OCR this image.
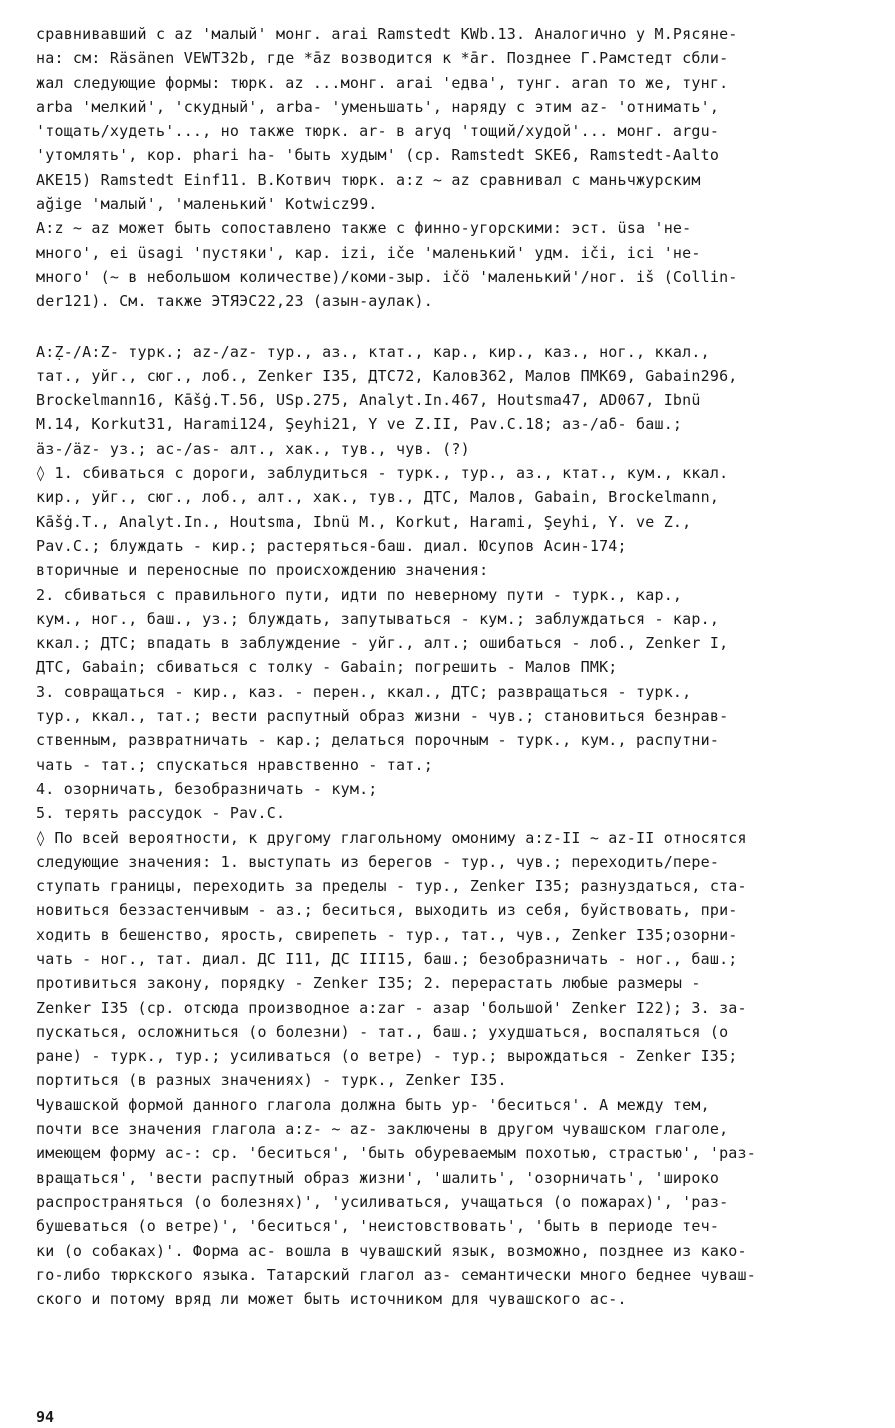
сравнивавший с az 'малый' монг. arai Ramstedt KWb.13. Аналогично у М.Рясяне-
на: см: Räsänen VEWT32b, где *āz возводится к *ār. Позднее Г.Рамстедт сбли-
жал следующие формы: тюрк. az ...монг. arai 'едва', тунг. aran то же, тунг.
arba 'мелкий', 'скудный', arba- 'уменьшать', наряду с этим az- 'отнимать',
'тощать/худеть'..., но также тюрк. ar- в aryq 'тощий/худой'... монг. argu-
'утомлять', кор. phari ha- 'быть худым' (ср. Ramstedt SKE6, Ramstedt-Aalto
AKE15) Ramstedt Einf11. В.Котвич тюрк. a:z ~ az сравнивал с маньчжурским
ağige 'малый', 'маленький' Kotwicz99.
A:z ~ az может быть сопоставлено также с финно-угорскими: эст. üsa 'не-
много', ei üsagi 'пустяки', кар. izi, iče 'маленький' удм. iči, ici 'не-
много' (~ в небольшом количестве)/коми-зыр. ičö 'маленький'/ног. iš (Collin-
der121). См. также ЭТЯЭС22,23 (азын-аулак).
A:Ẓ-/A:Z- турк.; az-/az- тур., аз., ктат., кар., кир., каз., ног., ккал.,
тат., уйг., сюг., лоб., Zenker I35, ДТС72, Калов362, Малов ПМК69, Gabain296,
Brockelmann16, Kāšġ.T.56, USp.275, Analyt.In.467, Houtsma47, AD067, Ibnü
M.14, Korkut31, Harami124, Şeyhi21, Y ve Z.II, Pav.C.18; аз-/аδ- баш.;
äз-/äz- уз.; ac-/as- алт., хак., тув., чув. (?)
◊ 1. сбиваться с дороги, заблудиться - турк., тур., аз., ктат., кум., ккал.
кир., уйг., сюг., лоб., алт., хак., тув., ДТС, Малов, Gabain, Brockelmann,
Kāšġ.T., Analyt.In., Houtsma, Ibnü M., Korkut, Harami, Şeyhi, Y. ve Z.,
Pav.C.; блуждать - кир.; растеряться-баш. диал. Юсупов Асин-174;
вторичные и переносные по происхождению значения:
2. сбиваться с правильного пути, идти по неверному пути - турк., кар.,
кум., ног., баш., уз.; блуждать, запутываться - кум.; заблуждаться - кар.,
ккал.; ДТС; впадать в заблуждение - уйг., алт.; ошибаться - лоб., Zenker I,
ДТС, Gabain; сбиваться с толку - Gabain; погрешить - Малов ПМК;
3. совращаться - кир., каз. - перен., ккал., ДТС; развращаться - турк.,
тур., ккал., тат.; вести распутный образ жизни - чув.; становиться безнрав-
ственным, развратничать - кар.; делаться порочным - турк., кум., распутни-
чать - тат.; спускаться нравственно - тат.;
4. озорничать, безобразничать - кум.;
5. терять рассудок - Pav.C.
◊ По всей вероятности, к другому глагольному омониму a:z-II ~ az-II относятся
следующие значения: 1. выступать из берегов - тур., чув.; переходить/пере-
ступать границы, переходить за пределы - тур., Zenker I35; разнуздаться, ста-
новиться беззастенчивым - аз.; беситься, выходить из себя, буйствовать, при-
ходить в бешенство, ярость, свирепеть - тур., тат., чув., Zenker I35;озорни-
чать - ног., тат. диал. ДС I11, ДС III15, баш.; безобразничать - ног., баш.;
противиться закону, порядку - Zenker I35; 2. перерастать любые размеры -
Zenker I35 (ср. отсюда производное a:zar - азар 'большой' Zenker I22); 3. за-
пускаться, осложниться (о болезни) - тат., баш.; ухудшаться, воспаляться (о
ране) - турк., тур.; усиливаться (о ветре) - тур.; вырождаться - Zenker I35;
портиться (в разных значениях) - турк., Zenker I35.
Чувашской формой данного глагола должна быть ур- 'беситься'. А между тем,
почти все значения глагола a:z- ~ az- заключены в другом чувашском глаголе,
имеющем форму ас-: ср. 'беситься', 'быть обуреваемым похотью, страстью', 'раз-
вращаться', 'вести распутный образ жизни', 'шалить', 'озорничать', 'широко
распространяться (о болезнях)', 'усиливаться, учащаться (о пожарах)', 'раз-
бушеваться (о ветре)', 'беситься', 'неистовствовать', 'быть в периоде теч-
ки (о собаках)'. Форма ас- вошла в чувашский язык, возможно, позднее из како-
го-либо тюркского языка. Татарский глагол аз- семантически много беднее чуваш-
ского и потому вряд ли может быть источником для чувашского ас-.
94
